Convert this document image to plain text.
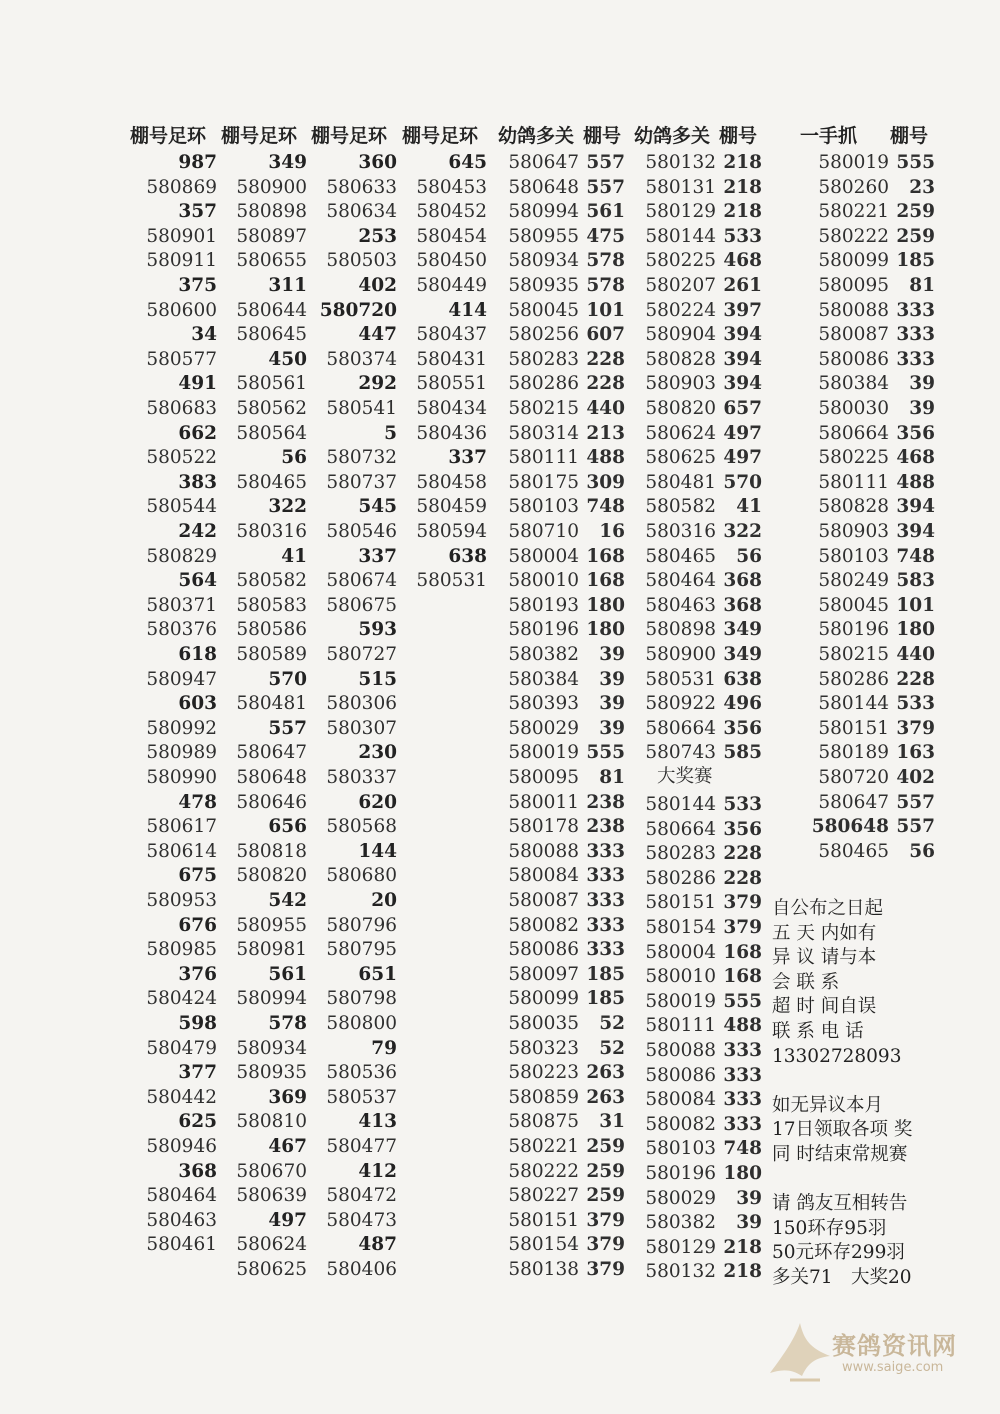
棚号足环 棚号足环 棚号足环 棚号足环 幼鸽多关 棚号 幼鸽多关 棚号 一手抓 棚号
987
580869
357
580901
580911
375
580600
34
580577
491
580683
662
580522
383
580544
242
580829
564
580371
580376
618
580947
603
580992
580989
580990
478
580617
580614
675
580953
676
580985
376
580424
598
580479
377
580442
625
580946
368
580464
580463
580461
349
580900
580898
580897
580655
311
580644
580645
450
580561
580562
580564
56
580465
322
580316
41
580582
580583
580586
580589
570
580481
557
580647
580648
580646
656
580818
580820
542
580955
580981
561
580994
578
580934
580935
369
580810
467
580670
580639
497
580624
580625
360
580633
580634
253
580503
402
580720
447
580374
292
580541
5
580732
580737
545
580546
337
580674
580675
593
580727
515
580306
580307
230
580337
620
580568
144
580680
20
580796
580795
651
580798
580800
79
580536
580537
413
580477
412
580472
580473
487
580406
645
580453
580452
580454
580450
580449
414
580437
580431
580551
580434
580436
337
580458
580459
580594
638
580531
580647 557
580648 557
580994 561
580955 475
580934 578
580935 578
580045 101
580256 607
580283 228
580286 228
580215 440
580314 213
580111 488
580175 309
580103 748
580710 16
580004 168
580010 168
580193 180
580196 180
580382 39
580384 39
580393 39
580029 39
580019 555
580095 81
580011 238
580178 238
580088 333
580084 333
580087 333
580082 333
580086 333
580097 185
580099 185
580035 52
580323 52
580223 263
580859 263
580875 31
580221 259
580222 259
580227 259
580151 379
580154 379
580138 379
580132 218
580131 218
580129 218
580144 533
580225 468
580207 261
580224 397
580904 394
580828 394
580903 394
580820 657
580624 497
580625 497
580481 570
580582 41
580316 322
580465 56
580464 368
580463 368
580898 349
580900 349
580531 638
580922 496
580664 356
580743 585
大奖赛
580144 533
580664 356
580283 228
580286 228
580151 379
580154 379
580004 168
580010 168
580019 555
580111 488
580088 333
580086 333
580084 333
580082 333
580103 748
580196 180
580029 39
580382 39
580129 218
580132 218
580019 555
580260 23
580221 259
580222 259
580099 185
580095 81
580088 333
580087 333
580086 333
580384 39
580030 39
580664 356
580225 468
580111 488
580828 394
580903 394
580103 748
580249 583
580045 101
580196 180
580215 440
580286 228
580144 533
580151 379
580189 163
580720 402
580647 557
580648 557
580465 56
自公布之日起
五 天 内如有
异 议 请与本
会 联 系
超 时 间自误
联 系 电 话
13302728093
如无异议本月
17日领取各项 奖
同 时结束常规赛
请 鸽友互相转告
150环存95羽
50元环存299羽
多关71　大奖20
赛鸽资讯网
www.saige.com
